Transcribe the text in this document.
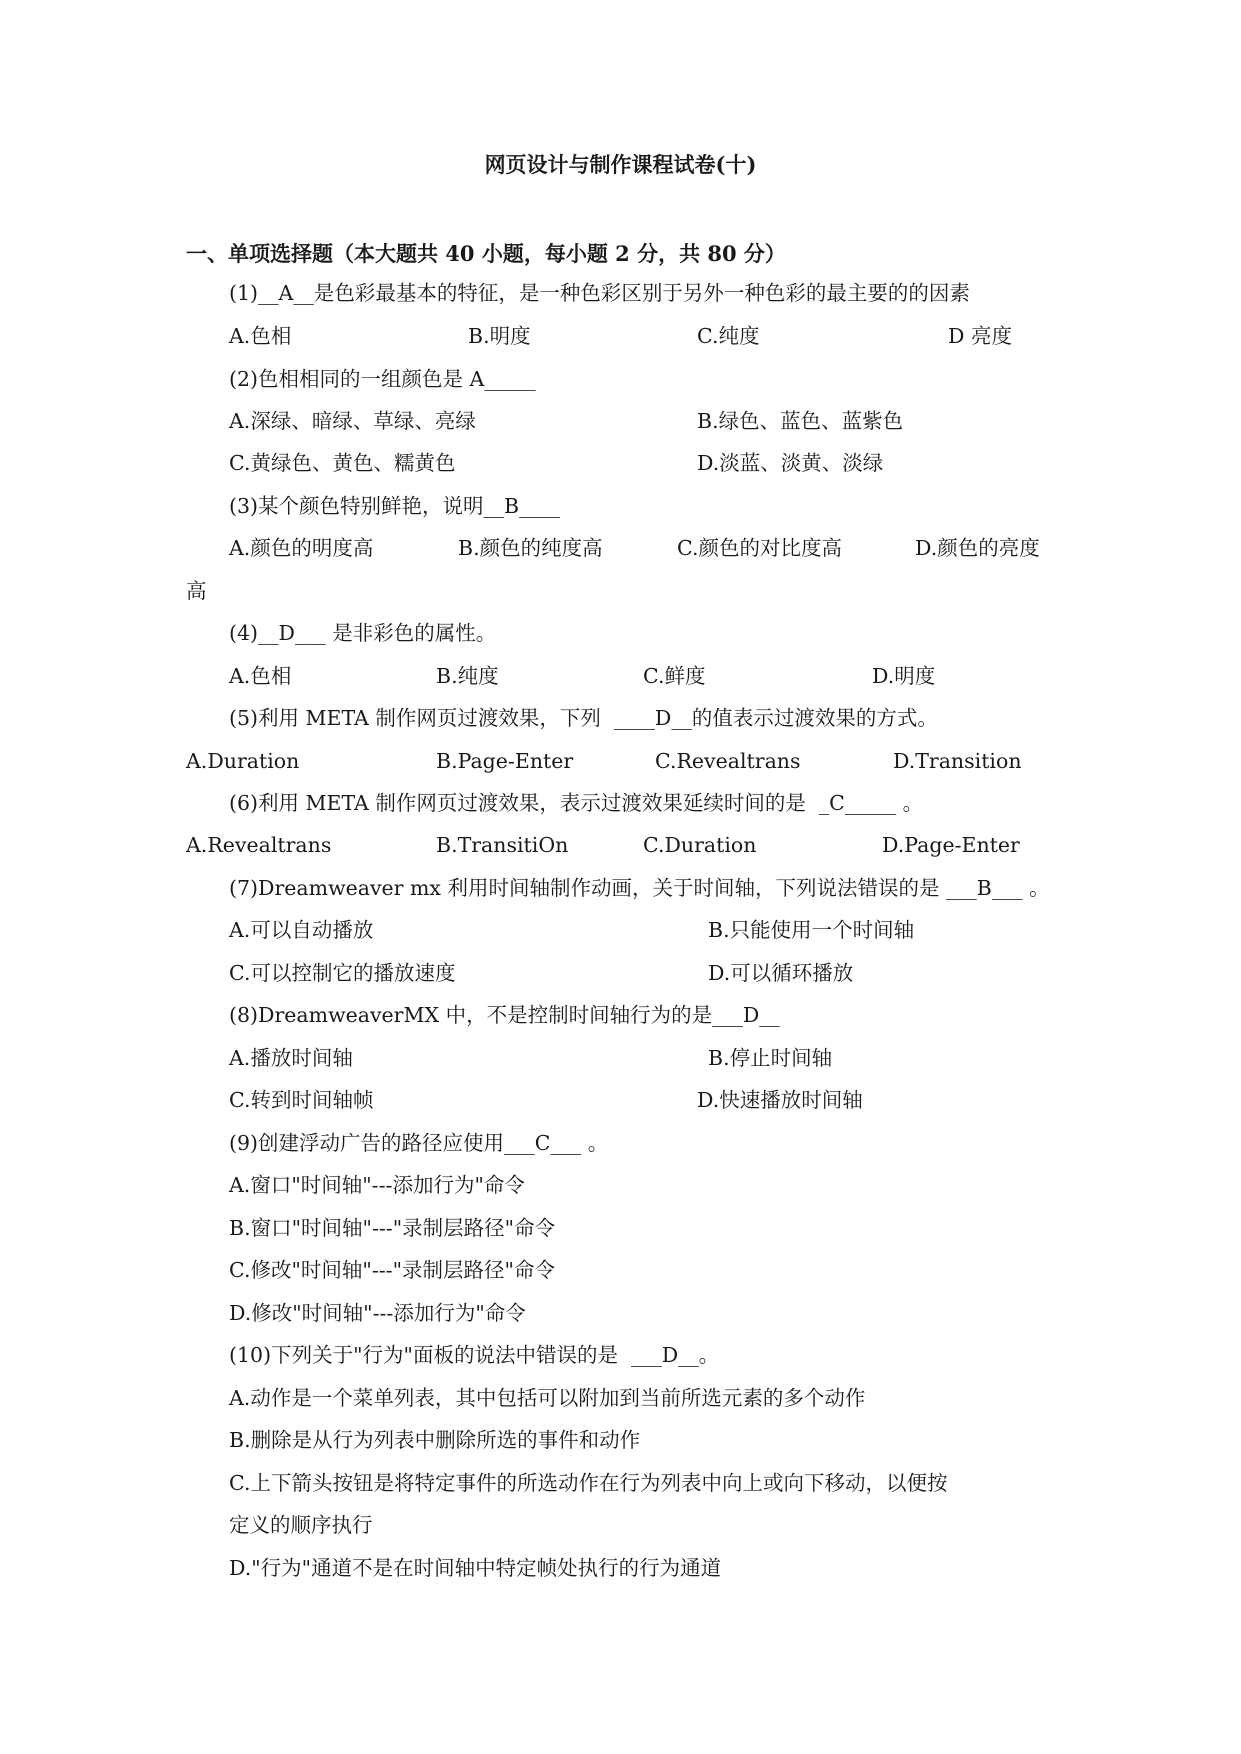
网页设计与制作课程试卷(十)
一、单项选择题（本大题共 40 小题，每小题 2 分，共 80 分）
(1)__A__是色彩最基本的特征，是一种色彩区别于另外一种色彩的最主要的的因素
A.色相	B.明度	C.纯度	D 亮度
(2)色相相同的一组颜色是 A_____
A.深绿、暗绿、草绿、亮绿	B.绿色、蓝色、蓝紫色
C.黄绿色、黄色、糯黄色	D.淡蓝、淡黄、淡绿
(3)某个颜色特别鲜艳，说明__B____
A.颜色的明度高	B.颜色的纯度高	C.颜色的对比度高	D.颜色的亮度
高
(4)__D___ 是非彩色的属性。
A.色相	B.纯度	C.鲜度	D.明度
(5)利用 META 制作网页过渡效果，下列  ____D__的值表示过渡效果的方式。
A.Duration	B.Page-Enter	C.Revealtrans	D.Transition
(6)利用 META 制作网页过渡效果，表示过渡效果延续时间的是  _C_____ 。
A.Revealtrans	B.TransitiOn	C.Duration	D.Page-Enter
(7)Dreamweaver mx 利用时间轴制作动画，关于时间轴，下列说法错误的是 ___B___ 。
A.可以自动播放	B.只能使用一个时间轴
C.可以控制它的播放速度	D.可以循环播放
(8)DreamweaverMX 中，不是控制时间轴行为的是___D__
A.播放时间轴	B.停止时间轴
C.转到时间轴帧	D.快速播放时间轴
(9)创建浮动广告的路径应使用___C___ 。
A.窗口"时间轴"---添加行为"命令
B.窗口"时间轴"---"录制层路径"命令
C.修改"时间轴"---"录制层路径"命令
D.修改"时间轴"---添加行为"命令
(10)下列关于"行为"面板的说法中错误的是  ___D__。
A.动作是一个菜单列表，其中包括可以附加到当前所选元素的多个动作
B.删除是从行为列表中删除所选的事件和动作
C.上下箭头按钮是将特定事件的所选动作在行为列表中向上或向下移动，以便按
定义的顺序执行
D."行为"通道不是在时间轴中特定帧处执行的行为通道
